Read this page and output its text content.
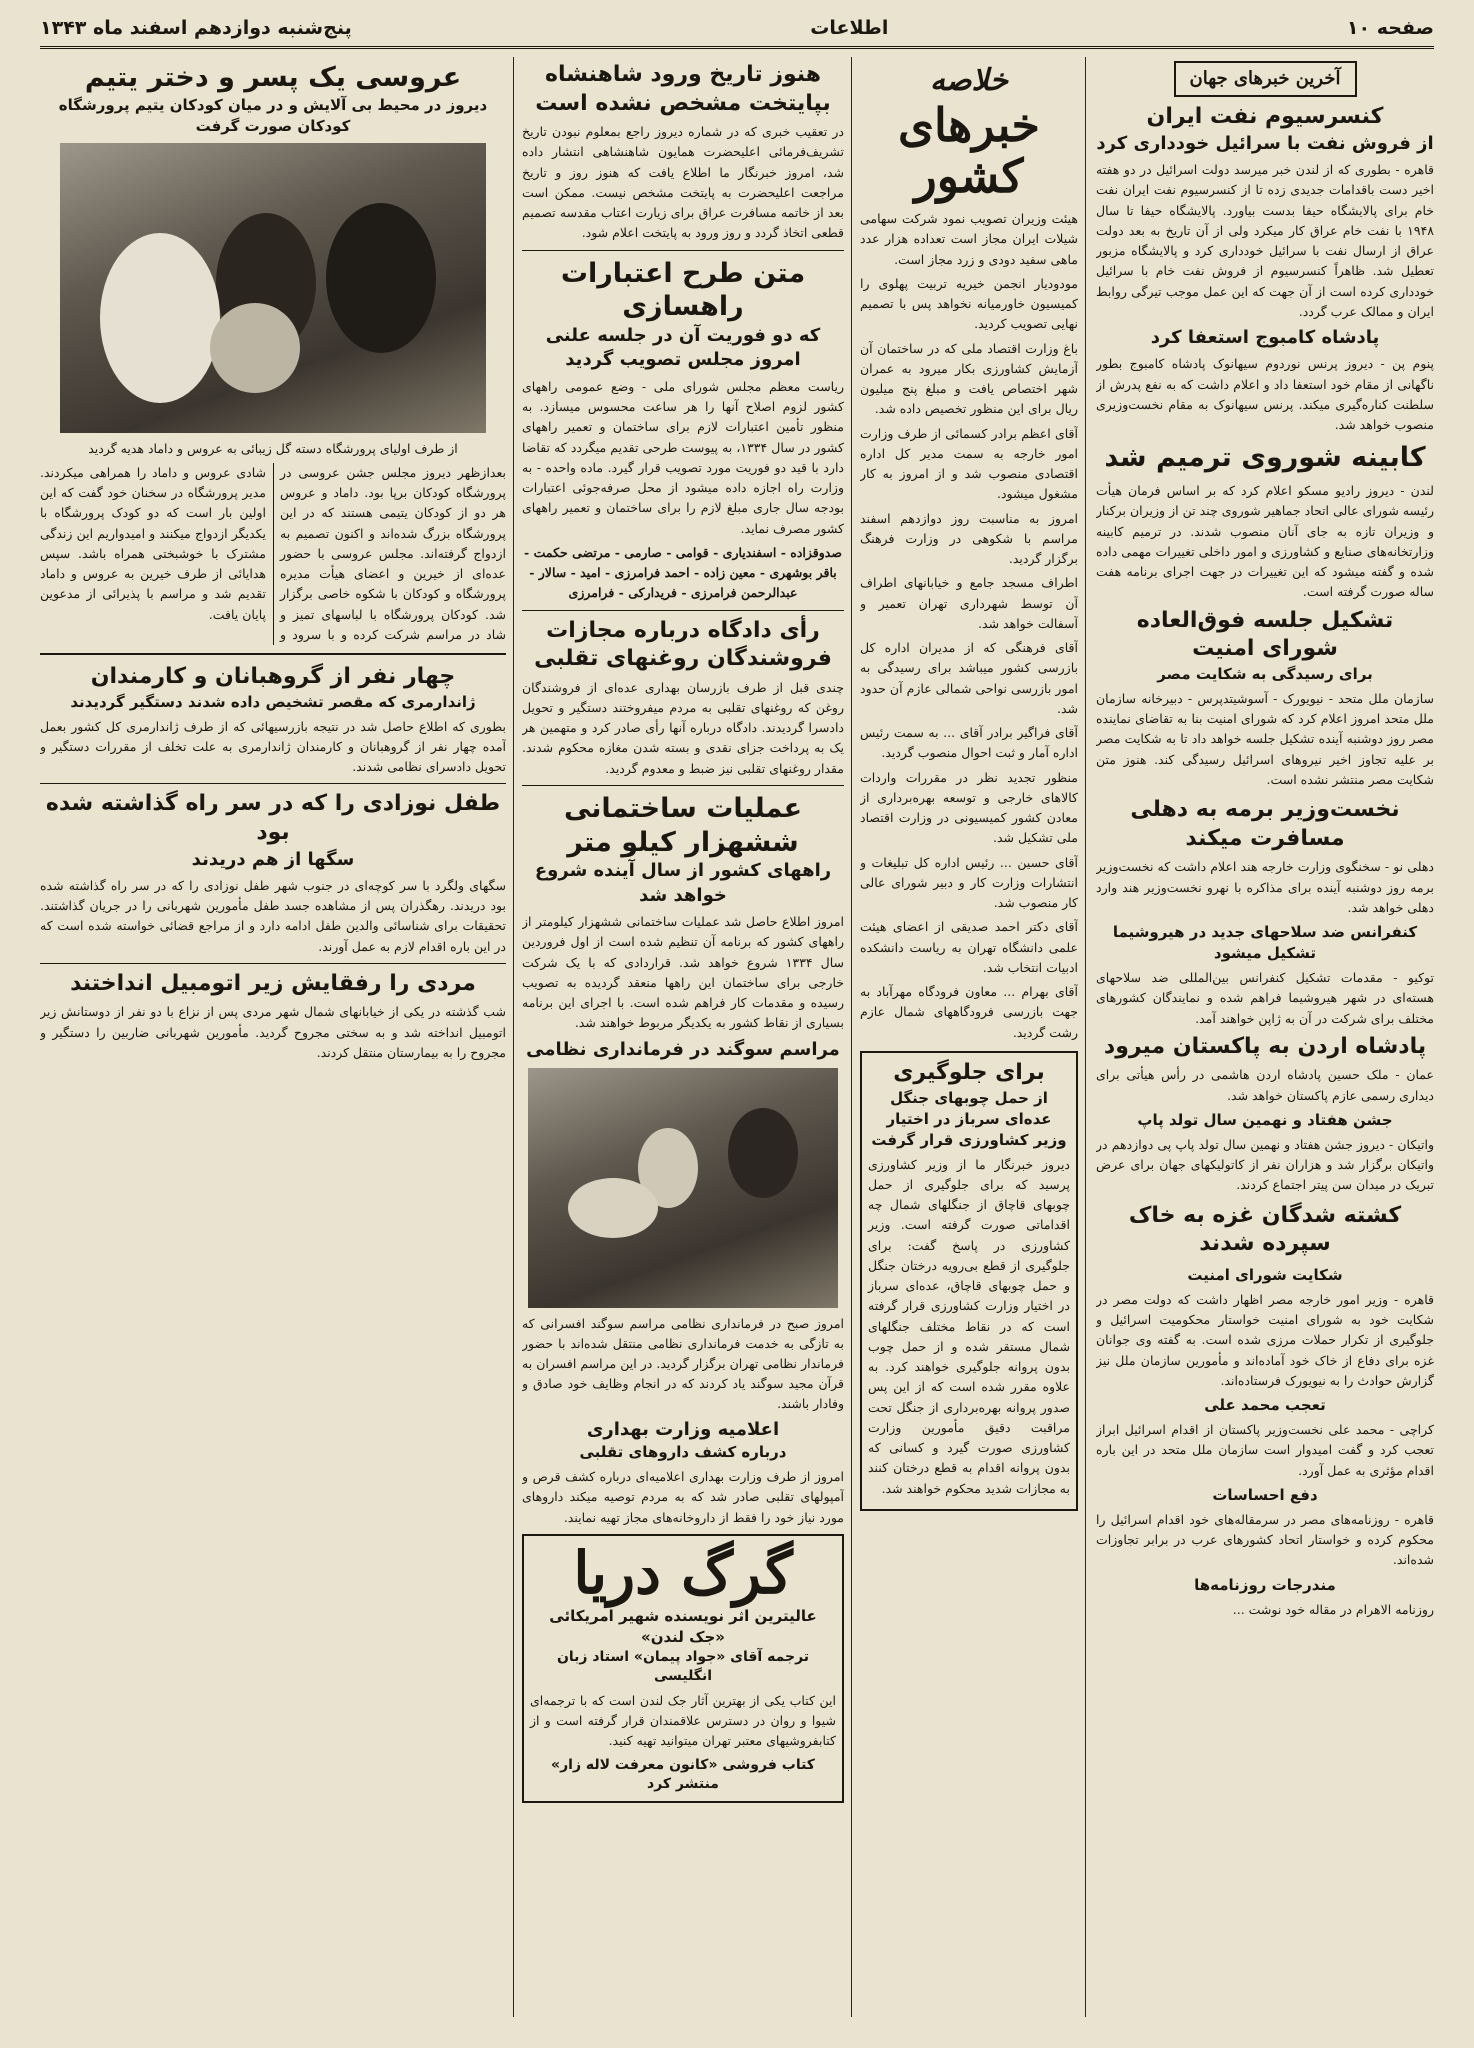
صفحه ۱۰
اطلاعات
پنج‌شنبه دوازدهم اسفند ماه ۱۳۴۳
آخرین خبرهای جهان
کنسرسیوم نفت ایران
از فروش نفت با سرائیل خودداری کرد

قاهره - بطوری که از لندن خبر میرسد دولت اسرائیل در دو هفته اخیر دست باقدامات جدیدی زده تا از کنسرسیوم نفت ایران نفت خام برای پالایشگاه حیفا بدست بیاورد. پالایشگاه حیفا تا سال ۱۹۴۸ با نفت خام عراق کار میکرد ولی از آن تاریخ به بعد دولت عراق از ارسال نفت با سرائیل خودداری کرد و پالایشگاه مزبور تعطیل شد. ظاهراً کنسرسیوم از فروش نفت خام با سرائیل خودداری کرده است از آن جهت که این عمل موجب تیرگی روابط ایران و ممالک عرب گردد.

پادشاه کامبوج استعفا کرد

پنوم پن - دیروز پرنس نوردوم سیهانوک پادشاه کامبوج بطور ناگهانی از مقام خود استعفا داد و اعلام داشت که به نفع پدرش از سلطنت کناره‌گیری میکند. پرنس سیهانوک به مقام نخست‌وزیری منصوب خواهد شد.

کابینه شوروی ترمیم شد

لندن - دیروز رادیو مسکو اعلام کرد که بر اساس فرمان هیأت رئیسه شورای عالی اتحاد جماهیر شوروی چند تن از وزیران برکنار و وزیران تازه به جای آنان منصوب شدند. در ترمیم کابینه وزارتخانه‌های صنایع و کشاورزی و امور داخلی تغییرات مهمی داده شده و گفته میشود که این تغییرات در جهت اجرای برنامه هفت ساله صورت گرفته است.

تشکیل جلسه فوق‌العاده شورای امنیت
برای رسیدگی به شکایت مصر

سازمان ملل متحد - نیویورک - آسوشیتدپرس - دبیرخانه سازمان ملل متحد امروز اعلام کرد که شورای امنیت بنا به تقاضای نماینده مصر روز دوشنبه آینده تشکیل جلسه خواهد داد تا به شکایت مصر بر علیه تجاوز اخیر نیروهای اسرائیل رسیدگی کند. هنوز متن شکایت مصر منتشر نشده است.

نخست‌وزیر برمه به دهلی مسافرت میکند

دهلی نو - سخنگوی وزارت خارجه هند اعلام داشت که نخست‌وزیر برمه روز دوشنبه آینده برای مذاکره با نهرو نخست‌وزیر هند وارد دهلی خواهد شد.

کنفرانس ضد سلاحهای جدید در هیروشیما تشکیل میشود

توکیو - مقدمات تشکیل کنفرانس بین‌المللی ضد سلاحهای هسته‌ای در شهر هیروشیما فراهم شده و نمایندگان کشورهای مختلف برای شرکت در آن به ژاپن خواهند آمد.

پادشاه اردن به پاکستان میرود

عمان - ملک حسین پادشاه اردن هاشمی در رأس هیأتی برای دیداری رسمی عازم پاکستان خواهد شد.

جشن هفتاد و نهمین سال تولد پاپ

واتیکان - دیروز جشن هفتاد و نهمین سال تولد پاپ پی دوازدهم در واتیکان برگزار شد و هزاران نفر از کاتولیکهای جهان برای عرض تبریک در میدان سن پیتر اجتماع کردند.

کشته شدگان غزه به خاک سپرده شدند
شکایت شورای امنیت

قاهره - وزیر امور خارجه مصر اظهار داشت که دولت مصر در شکایت خود به شورای امنیت خواستار محکومیت اسرائیل و جلوگیری از تکرار حملات مرزی شده است. به گفته وی جوانان غزه برای دفاع از خاک خود آماده‌اند و مأمورین سازمان ملل نیز گزارش حوادث را به نیویورک فرستاده‌اند.

تعجب محمد علی

کراچی - محمد علی نخست‌وزیر پاکستان از اقدام اسرائیل ابراز تعجب کرد و گفت امیدوار است سازمان ملل متحد در این باره اقدام مؤثری به عمل آورد.

دفع احساسات

قاهره - روزنامه‌های مصر در سرمقاله‌های خود اقدام اسرائیل را محکوم کرده و خواستار اتحاد کشورهای عرب در برابر تجاوزات شده‌اند.

مندرجات روزنامه‌ها

روزنامه الاهرام در مقاله خود نوشت ...

خلاصه
خبرهای کشور

هیئت وزیران تصویب نمود شرکت سهامی شیلات ایران مجاز است تعداده هزار عدد ماهی سفید دودی و زرد مجاز است.

مودودیار انجمن خیریه تربیت پهلوی را کمیسیون خاورمیانه نخواهد پس با تصمیم نهایی تصویب کردید.

باغ وزارت اقتصاد ملی که در ساختمان آن آزمایش کشاورزی بکار میرود به عمران شهر اختصاص یافت و مبلغ پنج میلیون ریال برای این منظور تخصیص داده شد.

آقای اعظم برادر کسمائی از طرف وزارت امور خارجه به سمت مدیر کل اداره اقتصادی منصوب شد و از امروز به کار مشغول میشود.

امروز به مناسبت روز دوازدهم اسفند مراسم با شکوهی در وزارت فرهنگ برگزار گردید.

اطراف مسجد جامع و خیابانهای اطراف آن توسط شهرداری تهران تعمیر و آسفالت خواهد شد.

آقای فرهنگی که از مدیران اداره کل بازرسی کشور میباشد برای رسیدگی به امور بازرسی نواحی شمالی عازم آن حدود شد.

آقای فراگیر برادر آقای ... به سمت رئیس اداره آمار و ثبت احوال منصوب گردید.

منظور تجدید نظر در مقررات واردات کالاهای خارجی و توسعه بهره‌برداری از معادن کشور کمیسیونی در وزارت اقتصاد ملی تشکیل شد.

آقای حسین ... رئیس اداره کل تبلیغات و انتشارات وزارت کار و دبیر شورای عالی کار منصوب شد.

آقای دکتر احمد صدیقی از اعضای هیئت علمی دانشگاه تهران به ریاست دانشکده ادبیات انتخاب شد.

آقای بهرام ... معاون فرودگاه مهرآباد به جهت بازرسی فرودگاههای شمال عازم رشت گردید.

برای جلوگیری
از حمل چوبهای جنگل عده‌ای سرباز در اختیار وزیر کشاورزی قرار گرفت

دیروز خبرنگار ما از وزیر کشاورزی پرسید که برای جلوگیری از حمل چوبهای قاچاق از جنگلهای شمال چه اقداماتی صورت گرفته است. وزیر کشاورزی در پاسخ گفت: برای جلوگیری از قطع بی‌رویه درختان جنگل و حمل چوبهای قاچاق، عده‌ای سرباز در اختیار وزارت کشاورزی قرار گرفته است که در نقاط مختلف جنگلهای شمال مستقر شده و از حمل چوب بدون پروانه جلوگیری خواهند کرد. به علاوه مقرر شده است که از این پس صدور پروانه بهره‌برداری از جنگل تحت مراقبت دقیق مأمورین وزارت کشاورزی صورت گیرد و کسانی که بدون پروانه اقدام به قطع درختان کنند به مجازات شدید محکوم خواهند شد.

هنوز تاریخ ورود شاهنشاه بپایتخت مشخص نشده است

در تعقیب خبری که در شماره دیروز راجع بمعلوم نبودن تاریخ تشریف‌فرمائی اعلیحضرت همایون شاهنشاهی انتشار داده شد، امروز خبرنگار ما اطلاع یافت که هنوز روز و تاریخ مراجعت اعلیحضرت به پایتخت مشخص نیست. ممکن است بعد از خاتمه مسافرت عراق برای زیارت اعتاب مقدسه تصمیم قطعی اتخاذ گردد و روز ورود به پایتخت اعلام شود.

متن طرح اعتبارات راهسازی
که دو فوریت آن در جلسه علنی امروز مجلس تصویب گردید

ریاست معظم مجلس شورای ملی - وضع عمومی راههای کشور لزوم اصلاح آنها را هر ساعت محسوس میسازد. به منظور تأمین اعتبارات لازم برای ساختمان و تعمیر راههای کشور در سال ۱۳۳۴، به پیوست طرحی تقدیم میگردد که تقاضا دارد با قید دو فوریت مورد تصویب قرار گیرد. ماده واحده - به وزارت راه اجازه داده میشود از محل صرفه‌جوئی اعتبارات بودجه سال جاری مبلغ لازم را برای ساختمان و تعمیر راههای کشور مصرف نماید.

صدوقزاده - اسفندیاری - قوامی - صارمی - مرتضی حکمت - باقر بوشهری - معین زاده - احمد فرامرزی - امید - سالار - عبدالرحمن فرامرزی - فریدارکی - فرامرزی

رأی دادگاه درباره مجازات فروشندگان روغنهای تقلبی

چندی قبل از طرف بازرسان بهداری عده‌ای از فروشندگان روغن که روغنهای تقلبی به مردم میفروختند دستگیر و تحویل دادسرا گردیدند. دادگاه درباره آنها رأی صادر کرد و متهمین هر یک به پرداخت جزای نقدی و بسته شدن مغازه محکوم شدند. مقدار روغنهای تقلبی نیز ضبط و معدوم گردید.

عملیات ساختمانی ششهزار کیلو متر
راههای کشور از سال آینده شروع خواهد شد

امروز اطلاع حاصل شد عملیات ساختمانی ششهزار کیلومتر از راههای کشور که برنامه آن تنظیم شده است از اول فروردین سال ۱۳۳۴ شروع خواهد شد. قراردادی که با یک شرکت خارجی برای ساختمان این راهها منعقد گردیده به تصویب رسیده و مقدمات کار فراهم شده است. با اجرای این برنامه بسیاری از نقاط کشور به یکدیگر مربوط خواهند شد.

مراسم سوگند در فرمانداری نظامی

امروز صبح در فرمانداری نظامی مراسم سوگند افسرانی که به تازگی به خدمت فرمانداری نظامی منتقل شده‌اند با حضور فرماندار نظامی تهران برگزار گردید. در این مراسم افسران به قرآن مجید سوگند یاد کردند که در انجام وظایف خود صادق و وفادار باشند.

اعلامیه وزارت بهداری
درباره کشف داروهای تقلبی

امروز از طرف وزارت بهداری اعلامیه‌ای درباره کشف قرص و آمپولهای تقلبی صادر شد که به مردم توصیه میکند داروهای مورد نیاز خود را فقط از داروخانه‌های مجاز تهیه نمایند.

گرگ دریا
عالیترین اثر نویسنده شهیر امریکائی «جک لندن»
ترجمه آقای «جواد پیمان» استاد زبان انگلیسی

این کتاب یکی از بهترین آثار جک لندن است که با ترجمه‌ای شیوا و روان در دسترس علاقمندان قرار گرفته است و از کتابفروشیهای معتبر تهران میتوانید تهیه کنید.

کتاب فروشی «کانون معرفت لاله زار» منتشر کرد
عروسی یک پسر و دختر یتیم
دیروز در محیط بی آلایش و در میان کودکان یتیم پرورشگاه کودکان صورت گرفت

از طرف اولیای پرورشگاه دسته گل زیبائی به عروس و داماد هدیه گردید

بعدازظهر دیروز مجلس جشن عروسی در پرورشگاه کودکان برپا بود. داماد و عروس هر دو از کودکان یتیمی هستند که در این پرورشگاه بزرگ شده‌اند و اکنون تصمیم به ازدواج گرفته‌اند. مجلس عروسی با حضور عده‌ای از خیرین و اعضای هیأت مدیره پرورشگاه و کودکان با شکوه خاصی برگزار شد. کودکان پرورشگاه با لباسهای تمیز و شاد در مراسم شرکت کرده و با سرود و شادی عروس و داماد را همراهی میکردند. مدیر پرورشگاه در سخنان خود گفت که این اولین بار است که دو کودک پرورشگاه با یکدیگر ازدواج میکنند و امیدواریم این زندگی مشترک با خوشبختی همراه باشد. سپس هدایائی از طرف خیرین به عروس و داماد تقدیم شد و مراسم با پذیرائی از مدعوین پایان یافت.

چهار نفر از گروهبانان و کارمندان
ژاندارمری که مقصر تشخیص داده شدند دستگیر گردیدند

بطوری که اطلاع حاصل شد در نتیجه بازرسیهائی که از طرف ژاندارمری کل کشور بعمل آمده چهار نفر از گروهبانان و کارمندان ژاندارمری به علت تخلف از مقررات دستگیر و تحویل دادسرای نظامی شدند.

طفل نوزادی را که در سر راه گذاشته شده بود
سگها از هم دریدند

سگهای ولگرد با سر کوچه‌ای در جنوب شهر طفل نوزادی را که در سر راه گذاشته شده بود دریدند. رهگذران پس از مشاهده جسد طفل مأمورین شهربانی را در جریان گذاشتند. تحقیقات برای شناسائی والدین طفل ادامه دارد و از مراجع قضائی خواسته شده است که در این باره اقدام لازم به عمل آورند.

مردی را رفقایش زیر اتومبیل انداختند

شب گذشته در یکی از خیابانهای شمال شهر مردی پس از نزاع با دو نفر از دوستانش زیر اتومبیل انداخته شد و به سختی مجروح گردید. مأمورین شهربانی ضاربین را دستگیر و مجروح را به بیمارستان منتقل کردند.
